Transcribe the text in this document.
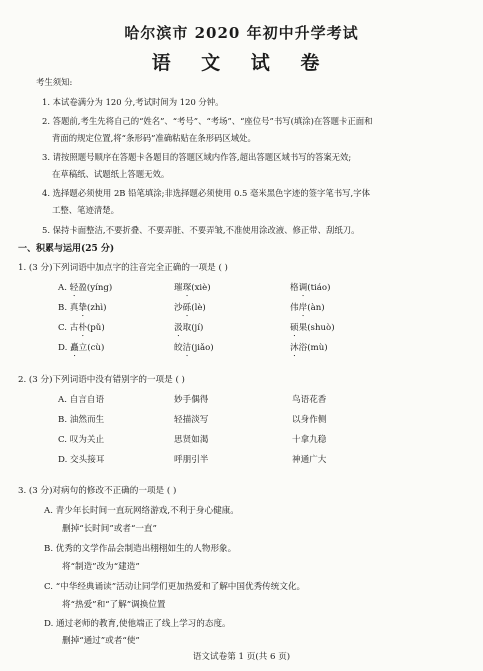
哈尔滨市 2020 年初中升学考试
语 文 试 卷
考生须知:
1. 本试卷满分为 120 分,考试时间为 120 分钟。
2. 答题前,考生先将自己的“姓名”、“考号”、“考场”、“座位号”书写(填涂)在答题卡正面和
背面的规定位置,将“条形码”准确粘贴在条形码区域处。
3. 请按照题号顺序在答题卡各题目的答题区域内作答,超出答题区域书写的答案无效;
在草稿纸、试题纸上答题无效。
4. 选择题必须使用 2B 铅笔填涂;非选择题必须使用 0.5 毫米黑色字迹的签字笔书写,字体
工整、笔迹清楚。
5. 保持卡面整洁,不要折叠、不要弄脏、不要弄皱,不准使用涂改液、修正带、刮纸刀。
一、积累与运用(25 分)
1. (3 分)下列词语中加点字的注音完全正确的一项是 ( )
A. 轻盈(yíng)	璀琛(xiè)	格调(tiáo)
B. 真挚(zhì)	沙砾(lè)	伟岸(àn)
C. 古朴(pǔ)	汲取(jí)	硕果(shuò)
D. 矗立(cù)	皎洁(jiǎo)	沐浴(mù)
2. (3 分)下列词语中没有错别字的一项是 ( )
A. 自言自语	妙手偶得	鸟语花香
B. 油然而生	轻描淡写	以身作侧
C. 叹为关止	思贤如渴	十拿九稳
D. 交头接耳	呼朋引半	神通广大
3. (3 分)对病句的修改不正确的一项是 ( )
A. 青少年长时间一直玩网络游戏,不利于身心健康。
删掉“长时间”或者“一直”
B. 优秀的文学作品会制造出栩栩如生的人物形象。
将“制造”改为“建造”
C. “中华经典诵读”活动让同学们更加热爱和了解中国优秀传统文化。
将“热爱”和“了解”调换位置
D. 通过老师的教育,使他端正了线上学习的态度。
删掉“通过”或者“使”
语文试卷第 1 页(共 6 页)
